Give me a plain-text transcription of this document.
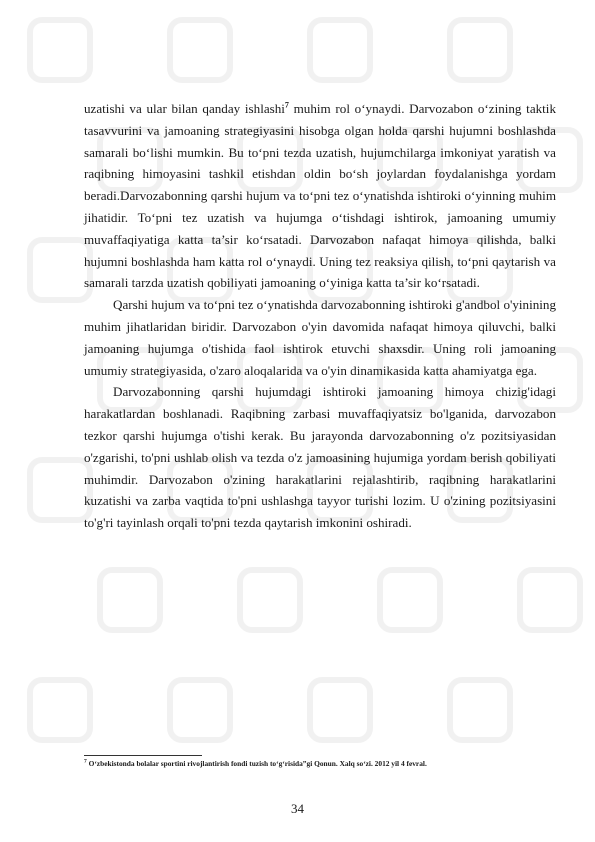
uzatishi va ular bilan qanday ishlashi$^7$ muhim rol o‘ynaydi. Darvozabon o‘zining taktik tasavvurini va jamoaning strategiyasini hisobga olgan holda qarshi hujumni boshlashda samarali bo‘lishi mumkin. Bu to‘pni tezda uzatish, hujumchilarga imkoniyat yaratish va raqibning himoyasini tashkil etishdan oldin bo‘sh joylardan foydalanishga yordam beradi.Darvozabonning qarshi hujum va to‘pni tez o‘ynatishda ishtiroki o‘yinning muhim jihatidir. To‘pni tez uzatish va hujumga o‘tishdagi ishtirok, jamoaning umumiy muvaffaqiyatiga katta ta’sir ko‘rsatadi. Darvozabon nafaqat himoya qilishda, balki hujumni boshlashda ham katta rol o‘ynaydi. Uning tez reaksiya qilish, to‘pni qaytarish va samarali tarzda uzatish qobiliyati jamoaning o‘yiniga katta ta’sir ko‘rsatadi.

Qarshi hujum va to‘pni tez o‘ynatishda darvozabonning ishtiroki g'andbol o'yinining muhim jihatlaridan biridir. Darvozabon o'yin davomida nafaqat himoya qiluvchi, balki jamoaning hujumga o'tishida faol ishtirok etuvchi shaxsdir. Uning roli jamoaning umumiy strategiyasida, o'zaro aloqalarida va o'yin dinamikasida katta ahamiyatga ega.

Darvozabonning qarshi hujumdagi ishtiroki jamoaning himoya chizig'idagi harakatlardan boshlanadi. Raqibning zarbasi muvaffaqiyatsiz bo'lganida, darvozabon tezkor qarshi hujumga o'tishi kerak. Bu jarayonda darvozabonning o'z pozitsiyasidan o'zgarishi, to'pni ushlab olish va tezda o'z jamoasining hujumiga yordam berish qobiliyati muhimdir. Darvozabon o'zining harakatlarini rejalashtirib, raqibning harakatlarini kuzatishi va zarba vaqtida to'pni ushlashga tayyor turishi lozim. U o'zining pozitsiyasini to'g'ri tayinlash orqali to'pni tezda qaytarish imkonini oshiradi.

$^7$ O‘zbekistonda bolalar sportini rivojlantirish fondi tuzish to‘g‘risida”gi Qonun. Xalq so‘zi. 2012 yil 4 fevral.
34
